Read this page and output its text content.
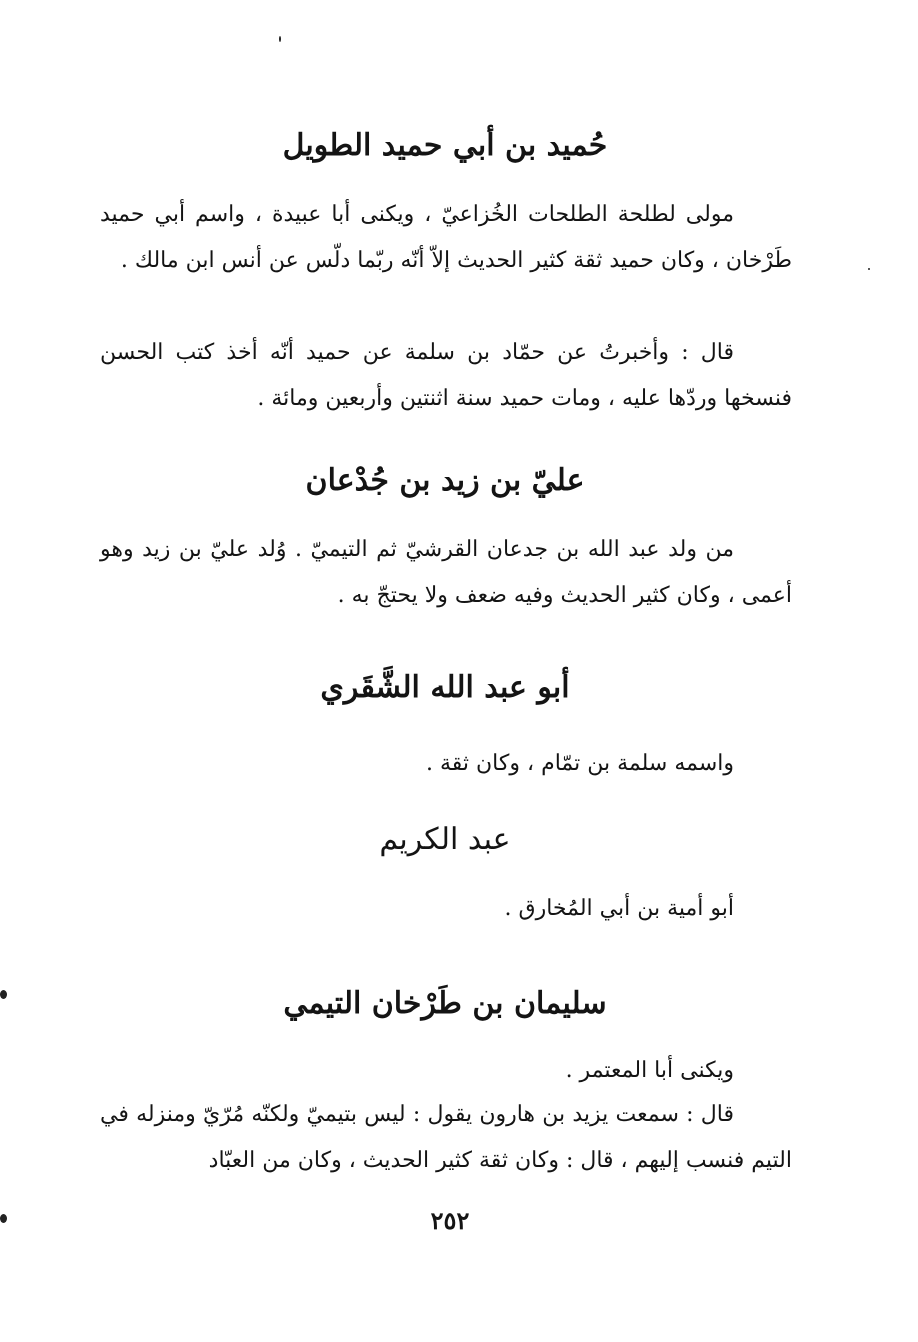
حُميد بن أبي حميد الطويل
مولى لطلحة الطلحات الخُزاعيّ ، ويكنى أبا عبيدة ، واسم أبي حميد طَرْخان ، وكان حميد ثقة كثير الحديث إلاّ أنّه ربّما دلّس عن أنس ابن مالك .
قال : وأخبرتُ عن حمّاد بن سلمة عن حميد أنّه أخذ كتب الحسن فنسخها وردّها عليه ، ومات حميد سنة اثنتين وأربعين ومائة .
عليّ بن زيد بن جُدْعان
من ولد عبد الله بن جدعان القرشيّ ثم التيميّ . وُلد عليّ بن زيد وهو أعمى ، وكان كثير الحديث وفيه ضعف ولا يحتجّ به .
أبو عبد الله الشَّقَري
واسمه سلمة بن تمّام ، وكان ثقة .
عبد الكريم
أبو أمية بن أبي المُخارق .
سليمان بن طَرْخان التيمي
ويكنى أبا المعتمر .
قال : سمعت يزيد بن هارون يقول : ليس بتيميّ ولكنّه مُرّيّ ومنزله في التيم فنسب إليهم ، قال : وكان ثقة كثير الحديث ، وكان من العبّاد
٢٥٢
